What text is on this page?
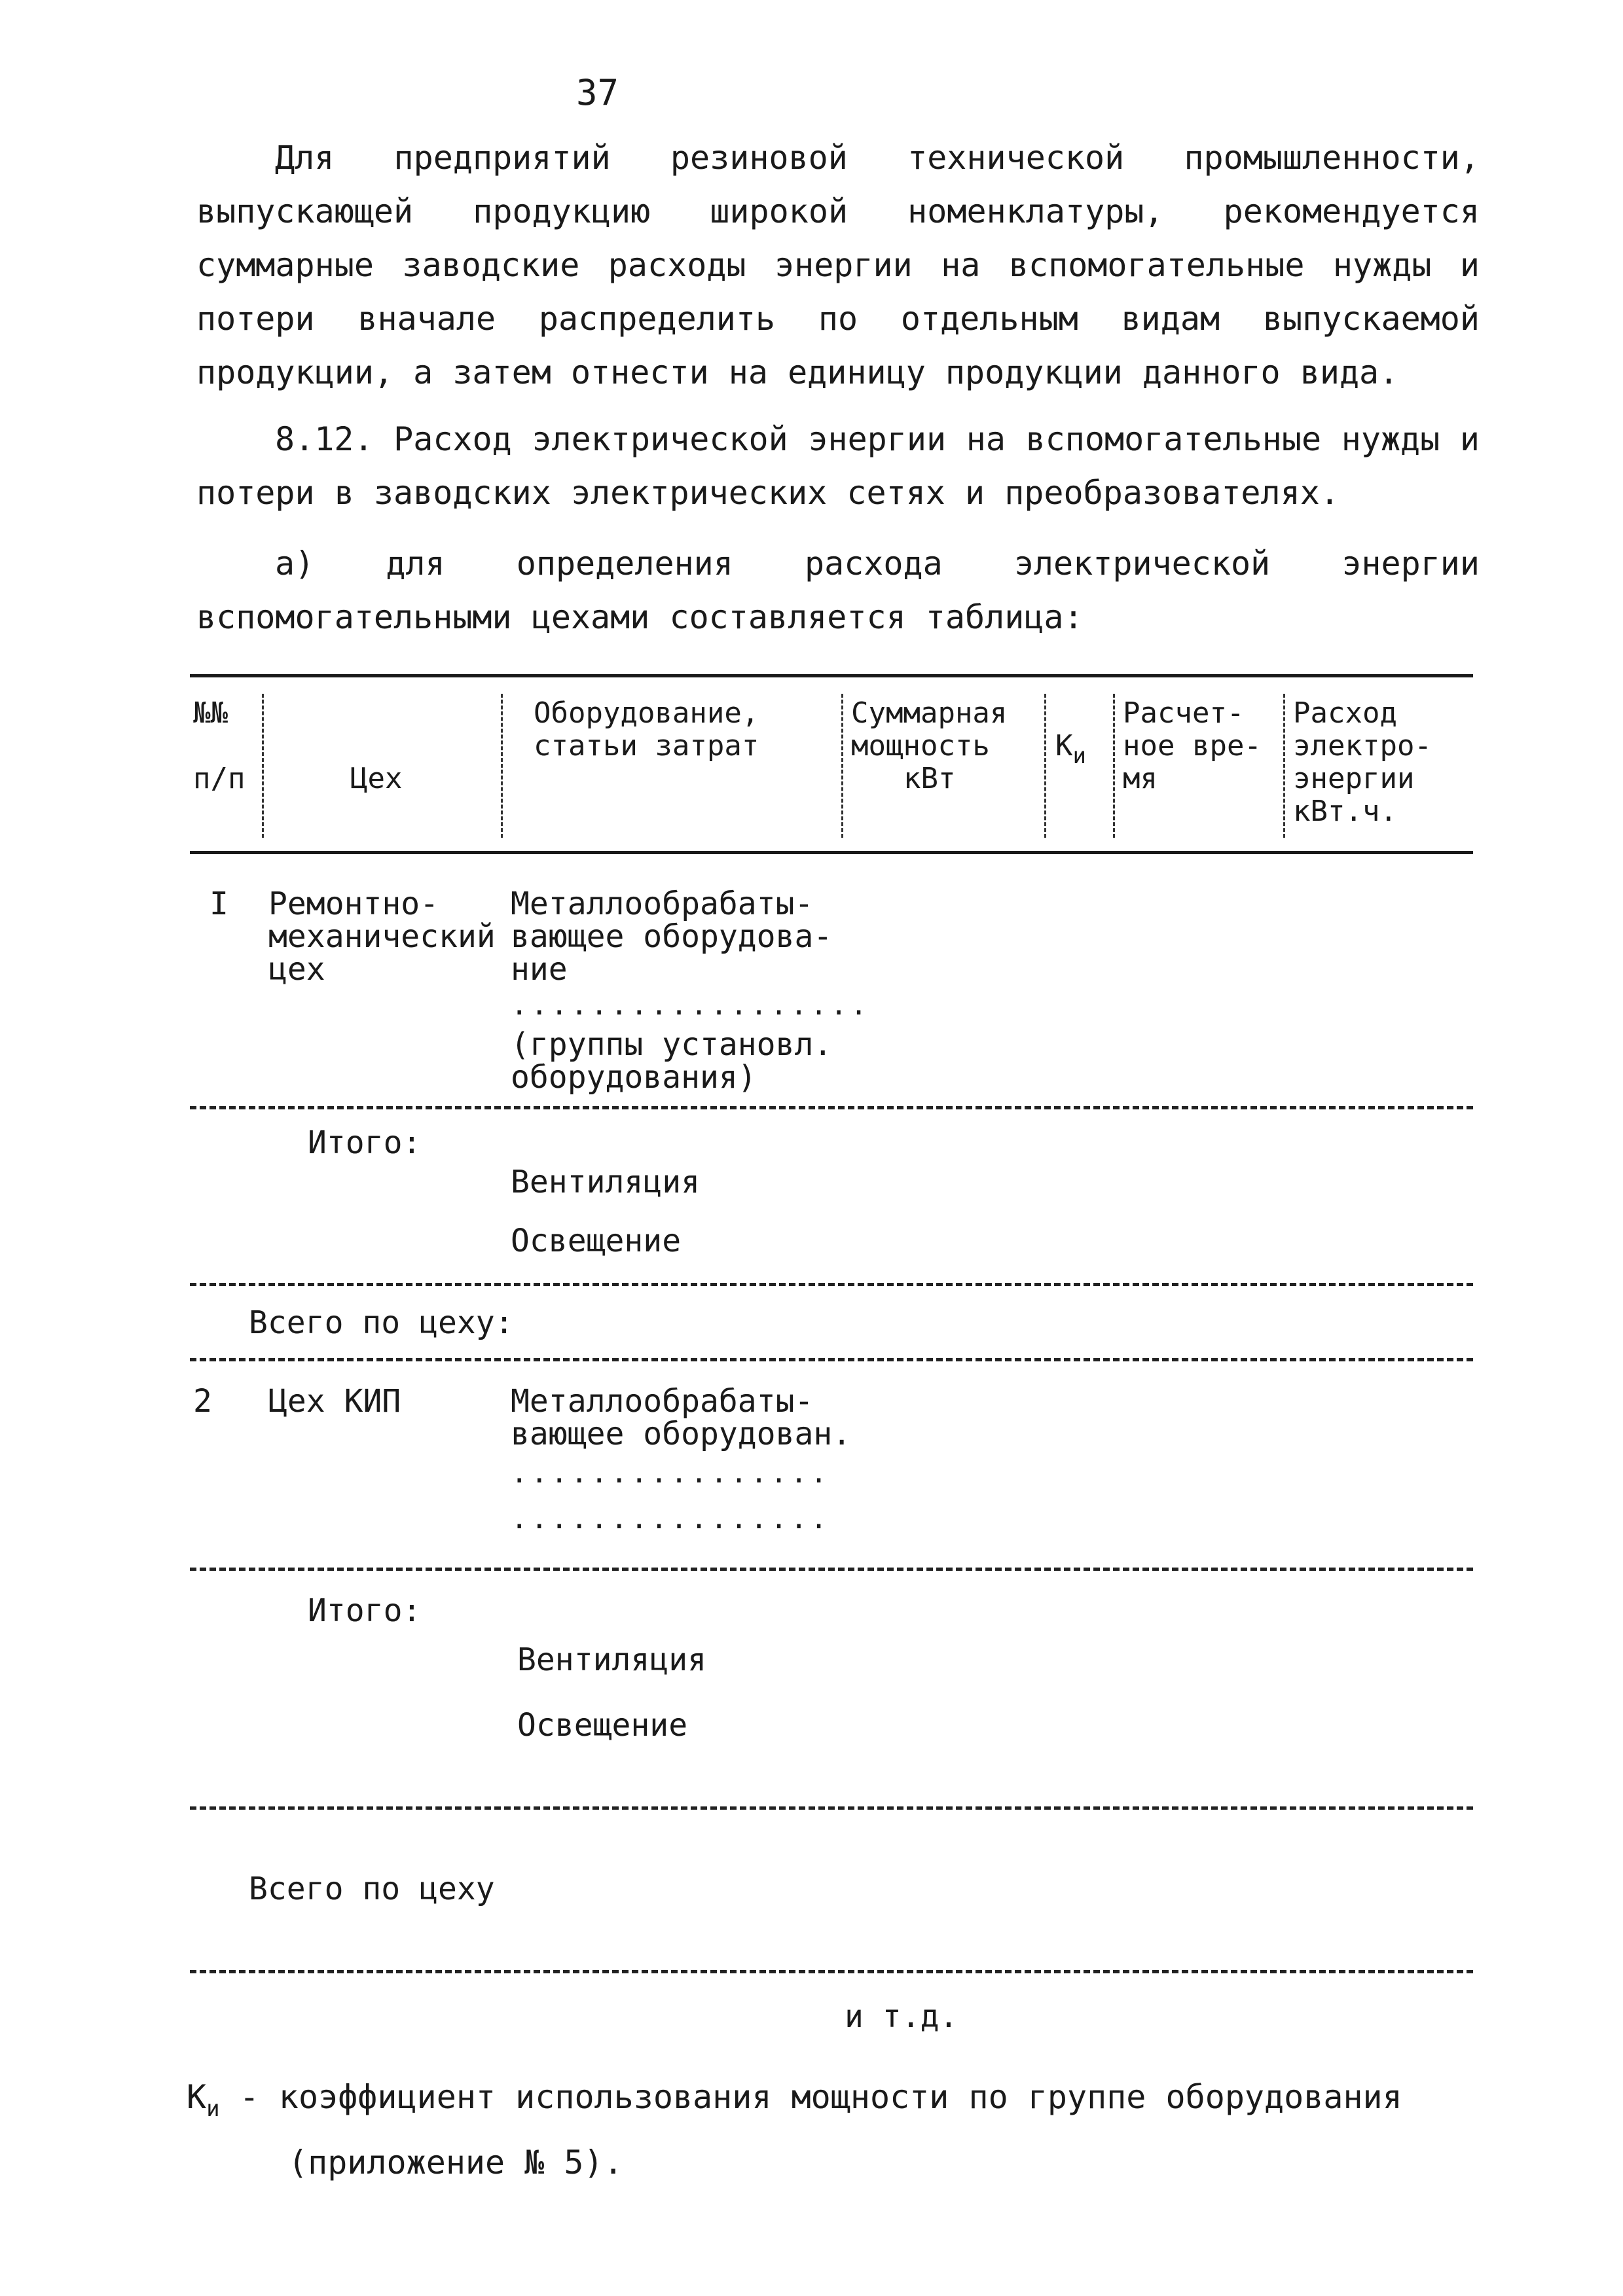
37
Для предприятий резиновой технической промышленности, выпускающей продукцию широкой номенклатуры, рекомендуется суммарные заводские расходы энергии на вспомогательные нужды и потери вначале распределить по отдельным видам выпускаемой продукции, а затем отнести на единицу продукции данного вида.
8.12. Расход электрической энергии на вспомогательные нужды и потери в заводских электрических сетях и преобразователях.
а) для определения расхода электрической энергии вспомогательными цехами составляется таблица:
№№
п/п	Цех
Оборудование,
статьи затрат
Суммарная
мощность
кВт
$К_и$
Расчет-
ное вре-
мя
Расход
электро-
энергии
кВт.ч.
I Ремонтно-
механический
цех
Металлообрабаты-
вающее оборудова-
ние
..................
(группы установл.
оборудования)
Итого:
Вентиляция
Освещение
Всего по цеху:
2 Цех КИП	Металлообрабаты-
вающее оборудован.
................
................
Итого:
Вентиляция
Освещение
Всего по цеху
и т.д.
$К_и$ - коэффициент использования мощности по группе оборудования
(приложение № 5).
